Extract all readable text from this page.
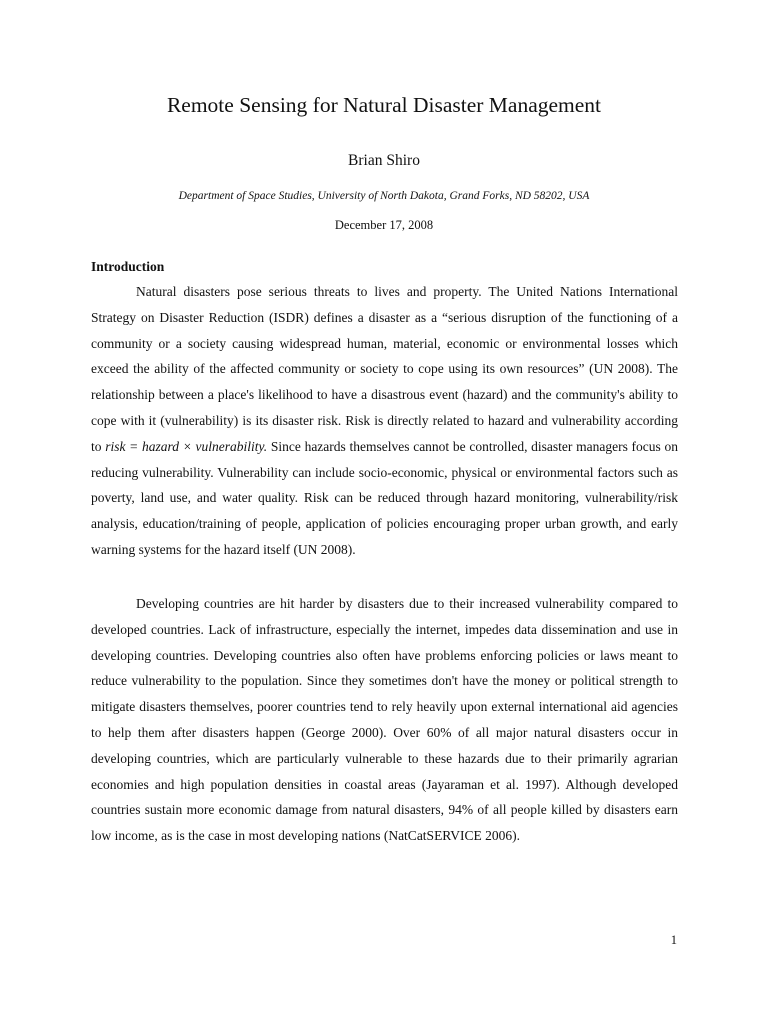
Remote Sensing for Natural Disaster Management
Brian Shiro
Department of Space Studies, University of North Dakota, Grand Forks, ND 58202, USA
December 17, 2008
Introduction

Natural disasters pose serious threats to lives and property. The United Nations International Strategy on Disaster Reduction (ISDR) defines a disaster as a “serious disruption of the functioning of a community or a society causing widespread human, material, economic or environmental losses which exceed the ability of the affected community or society to cope using its own resources” (UN 2008). The relationship between a place's likelihood to have a disastrous event (hazard) and the community's ability to cope with it (vulnerability) is its disaster risk. Risk is directly related to hazard and vulnerability according to risk = hazard × vulnerability. Since hazards themselves cannot be controlled, disaster managers focus on reducing vulnerability. Vulnerability can include socio-economic, physical or environmental factors such as poverty, land use, and water quality. Risk can be reduced through hazard monitoring, vulnerability/risk analysis, education/training of people, application of policies encouraging proper urban growth, and early warning systems for the hazard itself (UN 2008).

Developing countries are hit harder by disasters due to their increased vulnerability compared to developed countries. Lack of infrastructure, especially the internet, impedes data dissemination and use in developing countries. Developing countries also often have problems enforcing policies or laws meant to reduce vulnerability to the population. Since they sometimes don't have the money or political strength to mitigate disasters themselves, poorer countries tend to rely heavily upon external international aid agencies to help them after disasters happen (George 2000). Over 60% of all major natural disasters occur in developing countries, which are particularly vulnerable to these hazards due to their primarily agrarian economies and high population densities in coastal areas (Jayaraman et al. 1997). Although developed countries sustain more economic damage from natural disasters, 94% of all people killed by disasters earn low income, as is the case in most developing nations (NatCatSERVICE 2006).

1
